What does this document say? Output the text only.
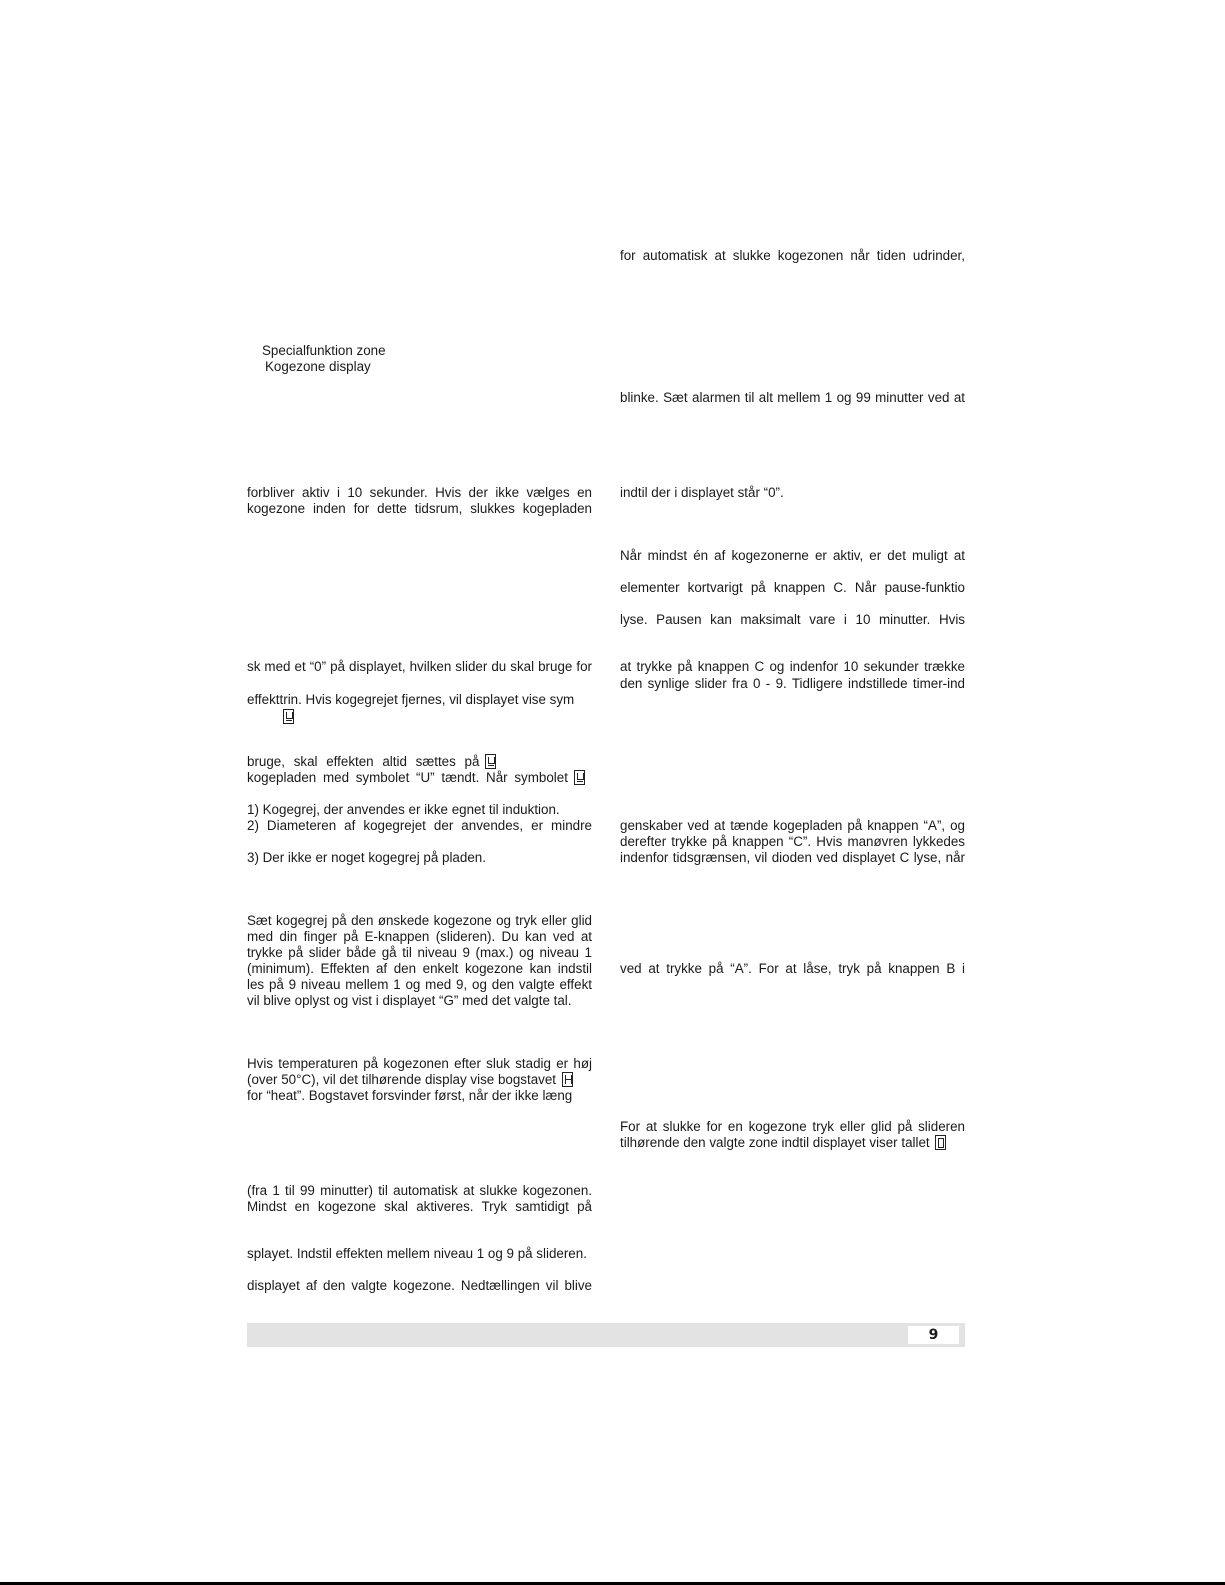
for automatisk at slukke kogezonen når tiden udrinder,
blinke. Sæt alarmen til alt mellem 1 og 99 minutter ved at
indtil der i displayet står “0”.
Når mindst én af kogezonerne er aktiv, er det muligt at
elementer kortvarigt på knappen C. Når pause-funktio
lyse. Pausen kan maksimalt vare i 10 minutter. Hvis
at trykke på knappen C og indenfor 10 sekunder trække
den synlige slider fra 0 - 9. Tidligere indstillede timer-ind
genskaber ved at tænde kogepladen på knappen “A”, og
derefter trykke på knappen “C”. Hvis manøvren lykkedes
indenfor tidsgrænsen, vil dioden ved displayet C lyse, når
ved at trykke på “A”. For at låse, tryk på knappen B i
For at slukke for en kogezone tryk eller glid på slideren
tilhørende den valgte zone indtil displayet viser tallet
Specialfunktion zone
Kogezone display
forbliver aktiv i 10 sekunder. Hvis der ikke vælges en
kogezone inden for dette tidsrum, slukkes kogepladen
sk med et “0” på displayet, hvilken slider du skal bruge for
effekttrin. Hvis kogegrejet fjernes, vil displayet vise sym
bruge, skal effekten altid sættes på
kogepladen med symbolet “U” tændt. Når symbolet
1) Kogegrej, der anvendes er ikke egnet til induktion.
2) Diameteren af kogegrejet der anvendes, er mindre
3) Der ikke er noget kogegrej på pladen.
Sæt kogegrej på den ønskede kogezone og tryk eller glid
med din finger på E-knappen (slideren). Du kan ved at
trykke på slider både gå til niveau 9 (max.) og niveau 1
(minimum). Effekten af den enkelt kogezone kan indstil
les på 9 niveau mellem 1 og med 9, og den valgte effekt
vil blive oplyst og vist i displayet “G” med det valgte tal.
Hvis temperaturen på kogezonen efter sluk stadig er høj
(over 50°C), vil det tilhørende display vise bogstavet
for “heat”. Bogstavet forsvinder først, når der ikke læng
(fra 1 til 99 minutter) til automatisk at slukke kogezonen.
Mindst en kogezone skal aktiveres. Tryk samtidigt på
splayet. Indstil effekten mellem niveau 1 og 9 på slideren.
displayet af den valgte kogezone. Nedtællingen vil blive
9
